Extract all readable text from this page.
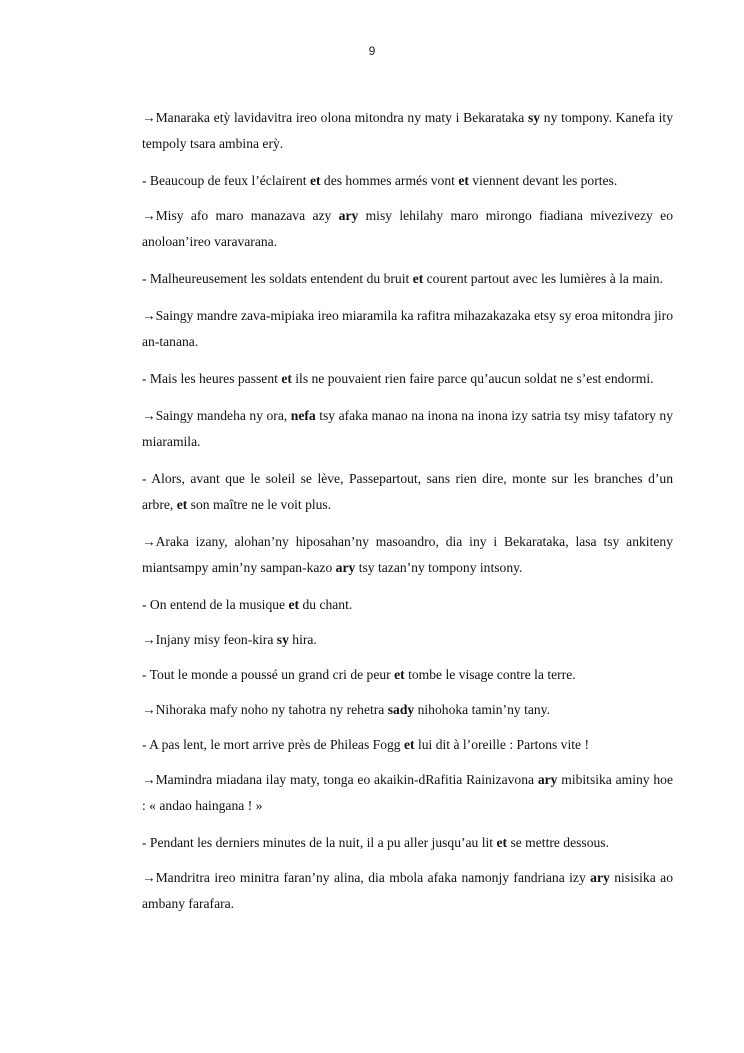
9

→Manaraka etỳ lavidavitra ireo olona mitondra ny maty i Bekarataka sy ny tompony. Kanefa ity tempoly tsara ambina erỳ.

- Beaucoup de feux l’éclairent et des hommes armés vont et viennent devant les portes.

→Misy afo maro manazava azy ary misy lehilahy maro mirongo fiadiana mivezivezy eo anoloan’ireo varavarana.

- Malheureusement les soldats entendent du bruit et courent partout avec les lumières à la main.

→Saingy mandre zava-mipiaka ireo miaramila ka rafitra mihazakazaka etsy sy eroa mitondra jiro an-tanana.

- Mais les heures passent et ils ne pouvaient rien faire parce qu’aucun soldat ne s’est endormi.

→Saingy mandeha ny ora, nefa tsy afaka manao na inona na inona izy satria tsy misy tafatory ny miaramila.

- Alors, avant que le soleil se lève, Passepartout, sans rien dire, monte sur les branches d’un arbre, et son maître ne le voit plus.

→Araka izany, alohan’ny hiposahan’ny masoandro, dia iny i Bekarataka, lasa tsy ankiteny miantsampy amin’ny sampan-kazo ary tsy tazan’ny tompony intsony.

- On entend de la musique et du chant.

→Injany misy feon-kira sy hira.

- Tout le monde a poussé un grand cri de peur et tombe le visage contre la terre.

→Nihoraka mafy noho ny tahotra ny rehetra sady nihohoka tamin’ny tany.

- A pas lent, le mort arrive près de Phileas Fogg et lui dit à l’oreille : Partons vite !

→Mamindra miadana ilay maty, tonga eo akaikin-dRafitia Rainizavona ary mibitsika aminy hoe : « andao haingana ! »

- Pendant les derniers minutes de la nuit, il a pu aller jusqu’au lit et se mettre dessous.

→Mandritra ireo minitra faran’ny alina, dia mbola afaka namonjy fandriana izy ary nisisika ao ambany farafara.
